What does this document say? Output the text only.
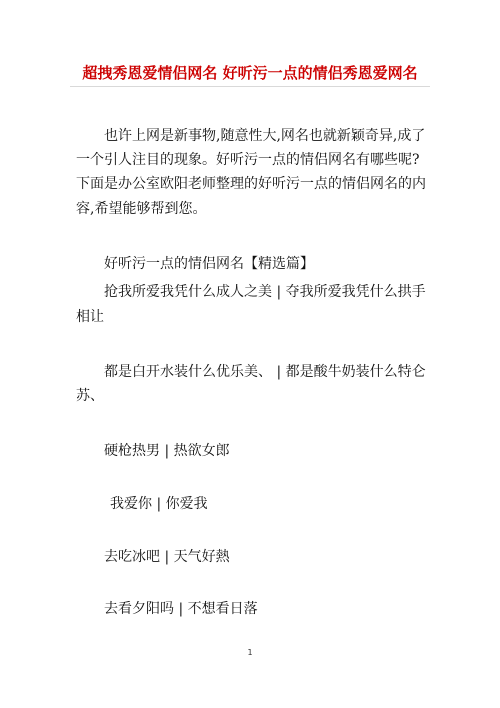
超拽秀恩爱情侣网名 好听污一点的情侣秀恩爱网名
也许上网是新事物,随意性大,网名也就新颖奇异,成了
一个引人注目的现象。好听污一点的情侣网名有哪些呢?
下面是办公室欧阳老师整理的好听污一点的情侣网名的内
容,希望能够帮到您。
好听污一点的情侣网名【精选篇】
抢我所爱我凭什么成人之美 | 夺我所爱我凭什么拱手
相让
都是白开水装什么优乐美、 | 都是酸牛奶装什么特仑
苏、
硬枪热男 | 热欲女郎
我爱你 | 你爱我
去吃冰吧 | 天气好熱
去看夕阳吗 | 不想看日落
1
